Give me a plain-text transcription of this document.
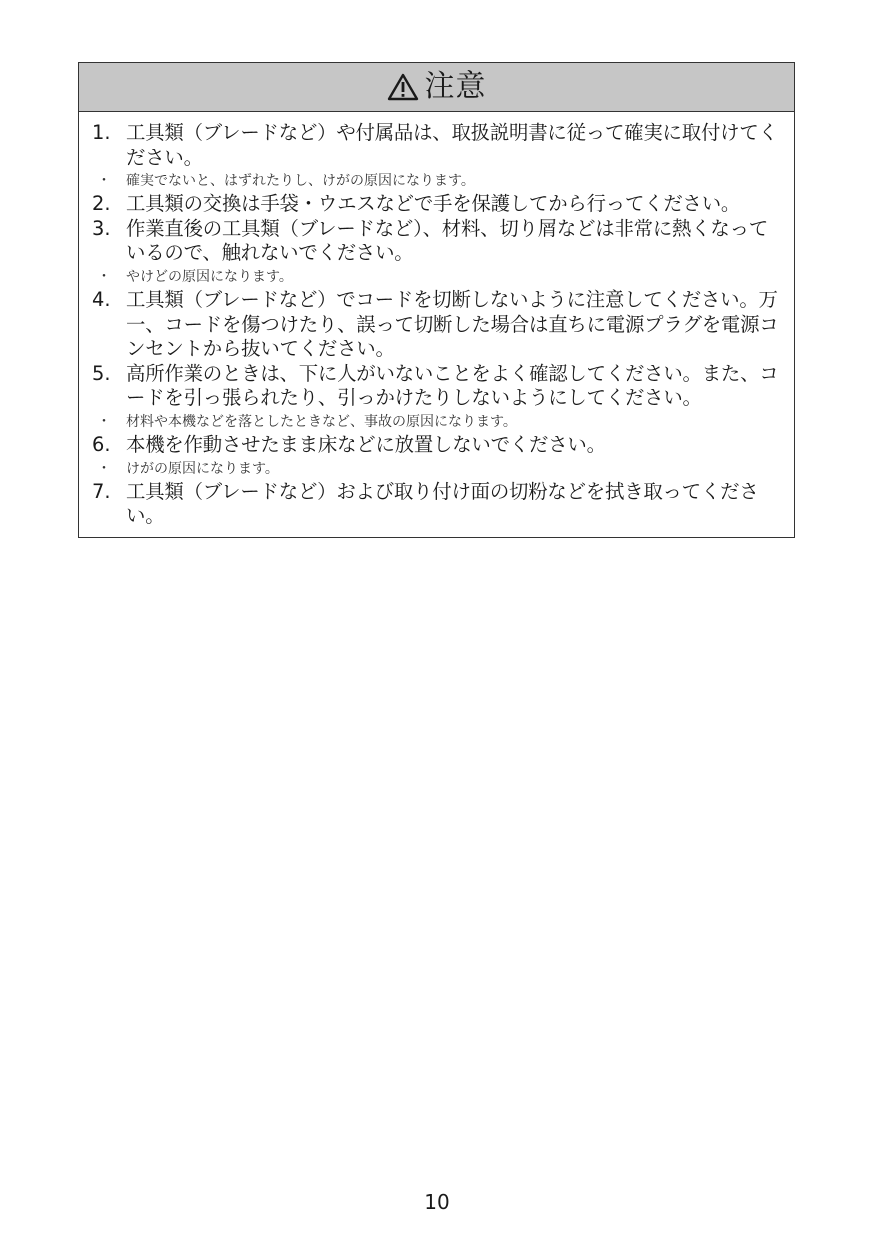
注意
1. 工具類（ブレードなど）や付属品は、取扱説明書に従って確実に取付けてください。
・	確実でないと、はずれたりし、けがの原因になります。
2. 工具類の交換は手袋・ウエスなどで手を保護してから行ってください。
3. 作業直後の工具類（ブレードなど）、材料、切り屑などは非常に熱くなっているので、触れないでください。
・	やけどの原因になります。
4. 工具類（ブレードなど）でコードを切断しないように注意してください。万一、コードを傷つけたり、誤って切断した場合は直ちに電源プラグを電源コンセントから抜いてください。
5. 高所作業のときは、下に人がいないことをよく確認してください。また、コードを引っ張られたり、引っかけたりしないようにしてください。
・	材料や本機などを落としたときなど、事故の原因になります。
6. 本機を作動させたまま床などに放置しないでください。
・	けがの原因になります。
7. 工具類（ブレードなど）および取り付け面の切粉などを拭き取ってください。
10
